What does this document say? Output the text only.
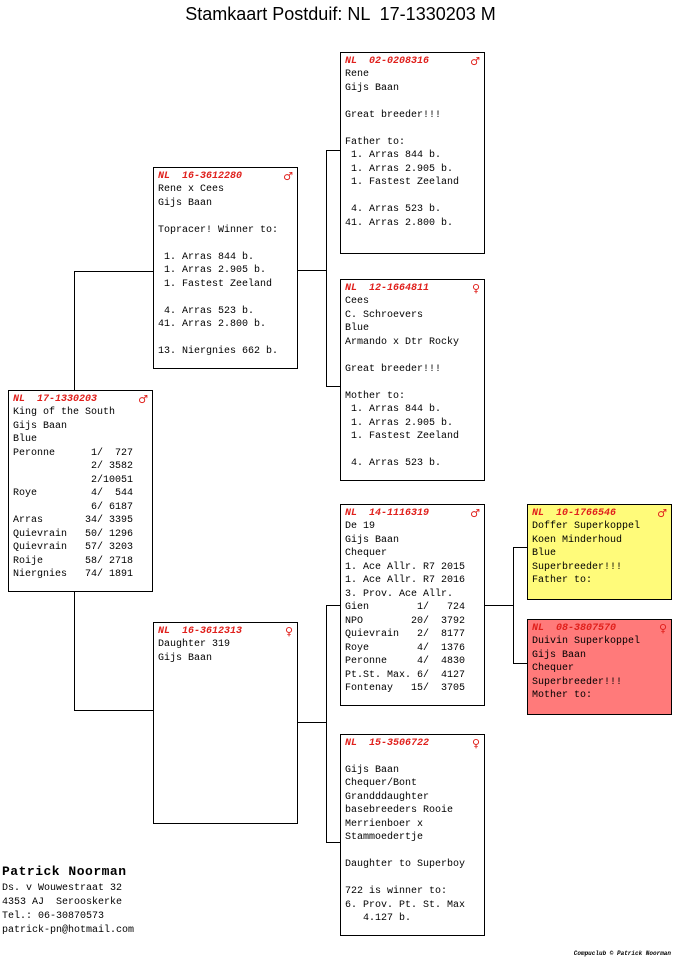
Stamkaart Postduif: NL  17-1330203 M
NL  17-1330203	♂
King of the South
Gijs Baan
Blue
Peronne      1/  727
2/ 3582
2/10051
Roye         4/  544
6/ 6187
Arras       34/ 3395
Quievrain   50/ 1296
Quievrain   57/ 3203
Roije       58/ 2718
Niergnies   74/ 1891
NL  16-3612280	♂
Rene x Cees
Gijs Baan
Topracer! Winner to:
1. Arras 844 b.
1. Arras 2.905 b.
1. Fastest Zeeland
4. Arras 523 b.
41. Arras 2.800 b.
13. Niergnies 662 b.
NL  16-3612313	♀
Daughter 319
Gijs Baan
NL  02-0208316	♂
Rene
Gijs Baan
Great breeder!!!
Father to:
1. Arras 844 b.
1. Arras 2.905 b.
1. Fastest Zeeland
4. Arras 523 b.
41. Arras 2.800 b.
NL  12-1664811	♀
Cees
C. Schroevers
Blue
Armando x Dtr Rocky
Great breeder!!!
Mother to:
1. Arras 844 b.
1. Arras 2.905 b.
1. Fastest Zeeland
4. Arras 523 b.
NL  14-1116319	♂
De 19
Gijs Baan
Chequer
1. Ace Allr. R7 2015
1. Ace Allr. R7 2016
3. Prov. Ace Allr.
Gien        1/   724
NPO        20/  3792
Quievrain   2/  8177
Roye        4/  1376
Peronne     4/  4830
Pt.St. Max. 6/  4127
Fontenay   15/  3705
NL  15-3506722	♀
Gijs Baan
Chequer/Bont
Grandddaughter
basebreeders Rooie
Merrienboer x
Stammoedertje
Daughter to Superboy
722 is winner to:
6. Prov. Pt. St. Max
4.127 b.
NL  10-1766546	♂
Doffer Superkoppel
Koen Minderhoud
Blue
Superbreeder!!!
Father to:
NL  08-3807570	♀
Duivin Superkoppel
Gijs Baan
Chequer
Superbreeder!!!
Mother to:
Patrick Noorman
Ds. v Wouwestraat 32
4353 AJ  Serooskerke
Tel.: 06-30870573
patrick-pn@hotmail.com
Compuclub © Patrick Noorman
